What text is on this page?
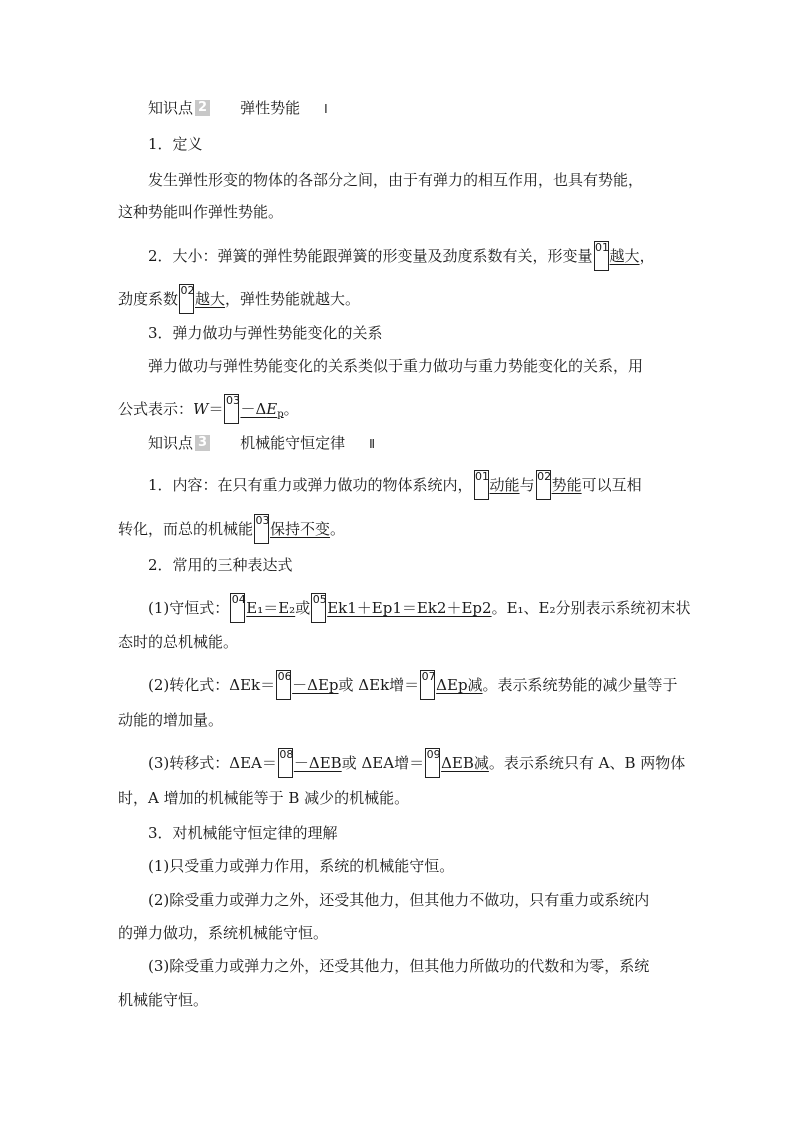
知识点 2 弹性势能 Ⅰ
1．定义
发生弹性形变的物体的各部分之间，由于有弹力的相互作用，也具有势能，
这种势能叫作弹性势能。
2．大小：弹簧的弹性势能跟弹簧的形变量及劲度系数有关，形变量 01 越大，
劲度系数 02 越大，弹性势能就越大。
3．弹力做功与弹性势能变化的关系
弹力做功与弹性势能变化的关系类似于重力做功与重力势能变化的关系，用
公式表示：$W= 03 -\Delta E_p$。
知识点 3 机械能守恒定律 Ⅱ
1．内容：在只有重力或弹力做功的物体系统内， 01 动能与 02 势能可以互相
转化，而总的机械能 03 保持不变。
2．常用的三种表达式
(1)守恒式： 04 E₁＝E₂或 05 Ek1＋Ep1＝Ek2＋Ep2。E₁、E₂分别表示系统初末状
态时的总机械能。
(2)转化式：ΔEk＝ 06 －ΔEp或 ΔEk增＝ 07 ΔEp减。表示系统势能的减少量等于
动能的增加量。
(3)转移式：ΔEA＝ 08 －ΔEB或 ΔEA增＝ 09 ΔEB减。表示系统只有 A、B 两物体
时，A 增加的机械能等于 B 减少的机械能。
3．对机械能守恒定律的理解
(1)只受重力或弹力作用，系统的机械能守恒。
(2)除受重力或弹力之外，还受其他力，但其他力不做功，只有重力或系统内
的弹力做功，系统机械能守恒。
(3)除受重力或弹力之外，还受其他力，但其他力所做功的代数和为零，系统
机械能守恒。
